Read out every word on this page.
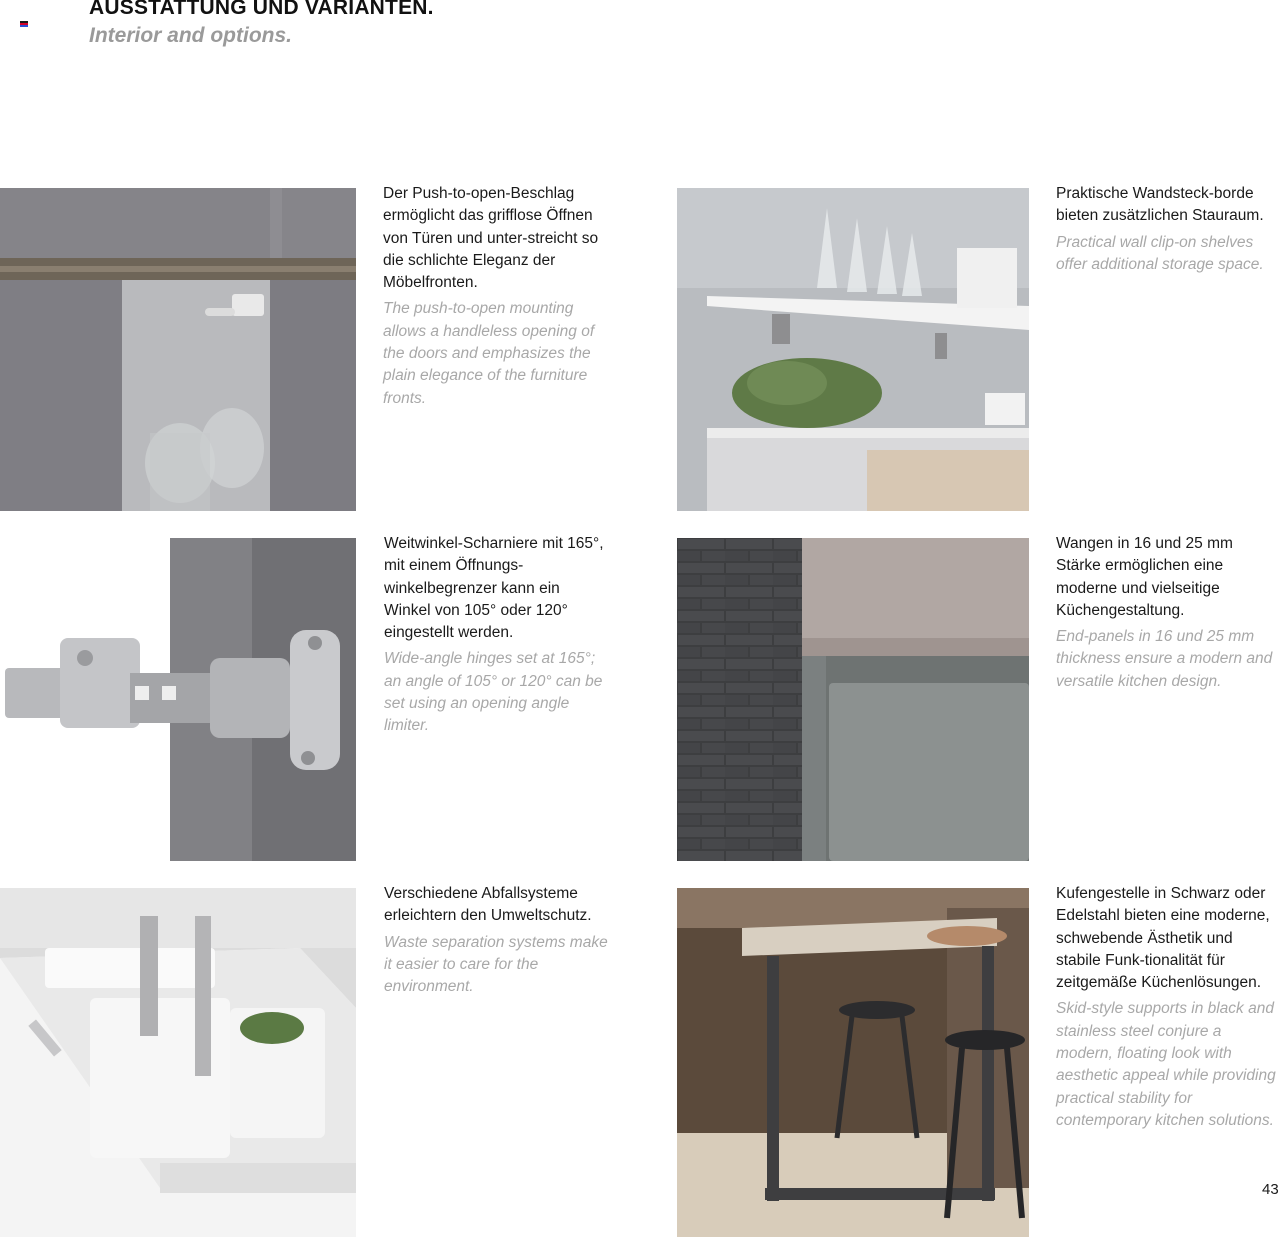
AUSSTATTUNG UND VARIANTEN.
Interior and options.

Der Push-to-open-Beschlag ermöglicht das grifflose Öffnen von Türen und unter-streicht so die schlichte Eleganz der Möbelfronten.

The push-to-open mounting allows a handleless opening of the doors and emphasizes the plain elegance of the furniture fronts.

Praktische Wandsteck-borde bieten zusätzlichen Stauraum.

Practical wall clip-on shelves offer additional storage space.

Weitwinkel-Scharniere mit 165°, mit einem Öffnungs-winkelbegrenzer kann ein Winkel von 105° oder 120° eingestellt werden.

Wide-angle hinges set at 165°; an angle of 105° or 120° can be set using an opening angle limiter.

Wangen in 16 und 25 mm Stärke ermöglichen eine moderne und vielseitige Küchengestaltung.

End-panels in 16 und 25 mm thickness ensure a modern and versatile kitchen design.

Verschiedene Abfallsysteme erleichtern den Umweltschutz.

Waste separation systems make it easier to care for the environment.

Kufengestelle in Schwarz oder Edelstahl bieten eine moderne, schwebende Ästhetik und stabile Funk-tionalität für zeitgemäße Küchenlösungen.

Skid-style supports in black and stainless steel conjure a modern, floating look with aesthetic appeal while providing practical stability for contemporary kitchen solutions.

43
